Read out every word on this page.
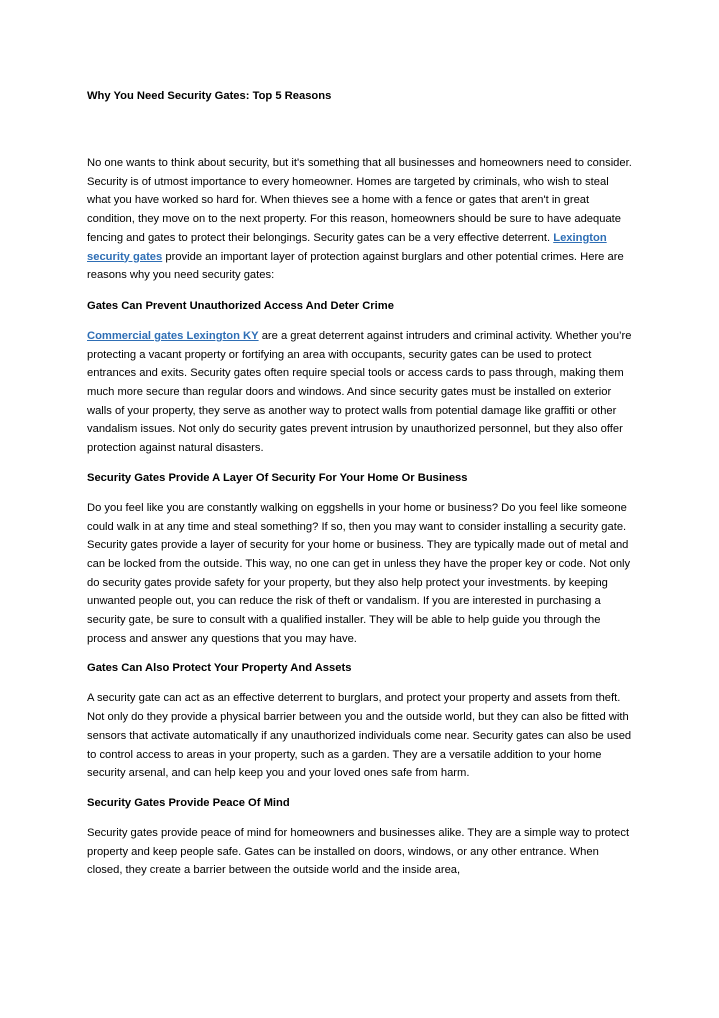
Why You Need Security Gates: Top 5 Reasons

No one wants to think about security, but it's something that all businesses and homeowners need to consider. Security is of utmost importance to every homeowner. Homes are targeted by criminals, who wish to steal what you have worked so hard for. When thieves see a home with a fence or gates that aren't in great condition, they move on to the next property. For this reason, homeowners should be sure to have adequate fencing and gates to protect their belongings. Security gates can be a very effective deterrent. Lexington security gates provide an important layer of protection against burglars and other potential crimes. Here are reasons why you need security gates:

Gates Can Prevent Unauthorized Access And Deter Crime

Commercial gates Lexington KY are a great deterrent against intruders and criminal activity. Whether you’re protecting a vacant property or fortifying an area with occupants, security gates can be used to protect entrances and exits. Security gates often require special tools or access cards to pass through, making them much more secure than regular doors and windows. And since security gates must be installed on exterior walls of your property, they serve as another way to protect walls from potential damage like graffiti or other vandalism issues. Not only do security gates prevent intrusion by unauthorized personnel, but they also offer protection against natural disasters.

Security Gates Provide A Layer Of Security For Your Home Or Business

Do you feel like you are constantly walking on eggshells in your home or business? Do you feel like someone could walk in at any time and steal something? If so, then you may want to consider installing a security gate. Security gates provide a layer of security for your home or business. They are typically made out of metal and can be locked from the outside. This way, no one can get in unless they have the proper key or code. Not only do security gates provide safety for your property, but they also help protect your investments. by keeping unwanted people out, you can reduce the risk of theft or vandalism. If you are interested in purchasing a security gate, be sure to consult with a qualified installer. They will be able to help guide you through the process and answer any questions that you may have.

Gates Can Also Protect Your Property And Assets

A security gate can act as an effective deterrent to burglars, and protect your property and assets from theft. Not only do they provide a physical barrier between you and the outside world, but they can also be fitted with sensors that activate automatically if any unauthorized individuals come near. Security gates can also be used to control access to areas in your property, such as a garden. They are a versatile addition to your home security arsenal, and can help keep you and your loved ones safe from harm.

Security Gates Provide Peace Of Mind

Security gates provide peace of mind for homeowners and businesses alike. They are a simple way to protect property and keep people safe. Gates can be installed on doors, windows, or any other entrance. When closed, they create a barrier between the outside world and the inside area,
